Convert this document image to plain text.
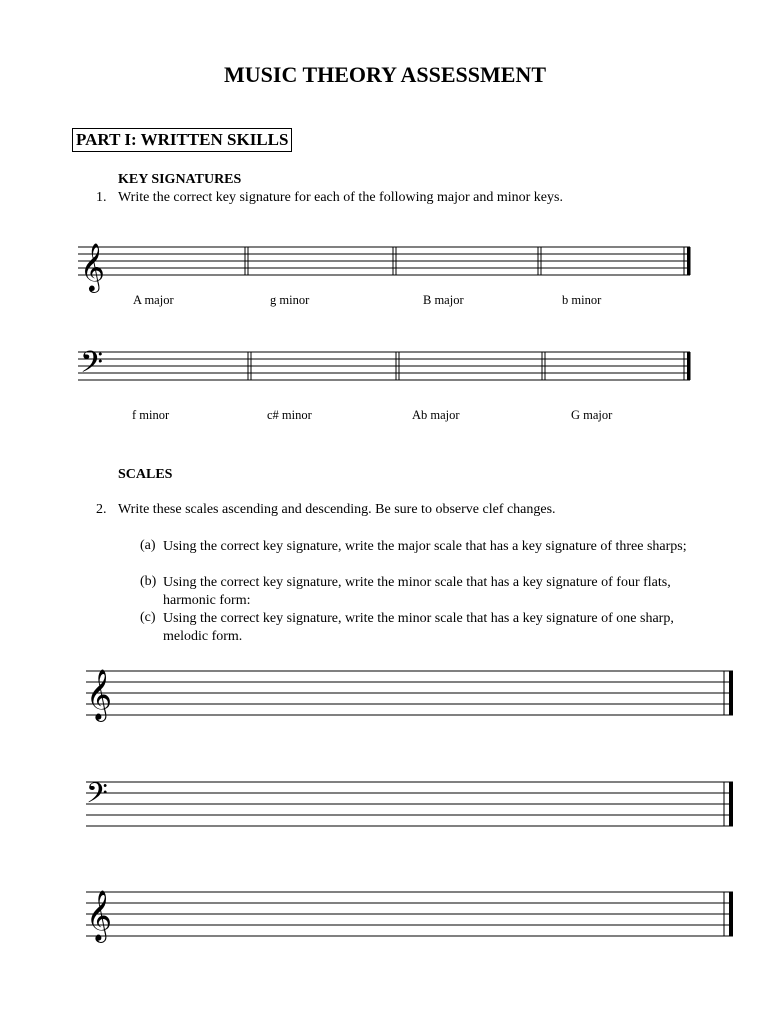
MUSIC THEORY ASSESSMENT
PART I: WRITTEN SKILLS
KEY SIGNATURES
1. Write the correct key signature for each of the following major and minor keys.
𝄞
𝄢
𝄞
𝄢
𝄞
A major	g minor	B major	b minor
f minor	c# minor	Ab major	G major
SCALES
2. Write these scales ascending and descending. Be sure to observe clef changes.
(a) Using the correct key signature, write the major scale that has a key signature of three sharps;
(b) Using the correct key signature, write the minor scale that has a key signature of four flats, harmonic form:
(c) Using the correct key signature, write the minor scale that has a key signature of one sharp, melodic form.
